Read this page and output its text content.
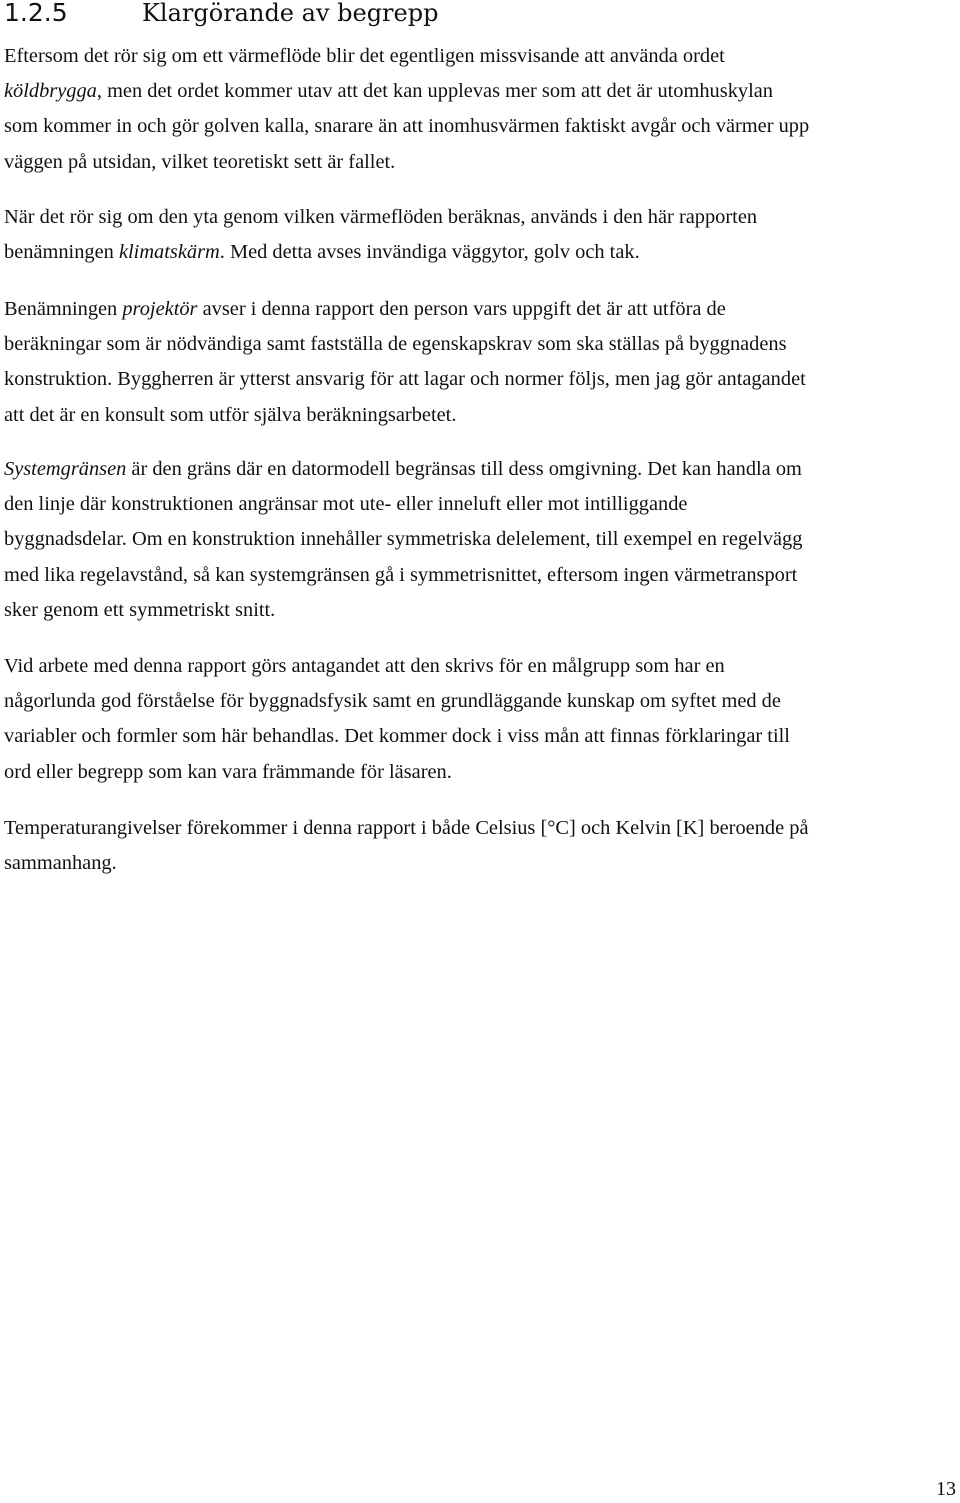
1.2.5	Klargörande av begrepp

Eftersom det rör sig om ett värmeflöde blir det egentligen missvisande att använda ordet
köldbrygga, men det ordet kommer utav att det kan upplevas mer som att det är utomhuskylan
som kommer in och gör golven kalla, snarare än att inomhusvärmen faktiskt avgår och värmer upp
väggen på utsidan, vilket teoretiskt sett är fallet.

När det rör sig om den yta genom vilken värmeflöden beräknas, används i den här rapporten
benämningen klimatskärm. Med detta avses invändiga väggytor, golv och tak.

Benämningen projektör avser i denna rapport den person vars uppgift det är att utföra de
beräkningar som är nödvändiga samt fastställa de egenskapskrav som ska ställas på byggnadens
konstruktion. Byggherren är ytterst ansvarig för att lagar och normer följs, men jag gör antagandet
att det är en konsult som utför själva beräkningsarbetet.

Systemgränsen är den gräns där en datormodell begränsas till dess omgivning. Det kan handla om
den linje där konstruktionen angränsar mot ute- eller inneluft eller mot intilliggande
byggnadsdelar. Om en konstruktion innehåller symmetriska delelement, till exempel en regelvägg
med lika regelavstånd, så kan systemgränsen gå i symmetrisnittet, eftersom ingen värmetransport
sker genom ett symmetriskt snitt.

Vid arbete med denna rapport görs antagandet att den skrivs för en målgrupp som har en
någorlunda god förståelse för byggnadsfysik samt en grundläggande kunskap om syftet med de
variabler och formler som här behandlas. Det kommer dock i viss mån att finnas förklaringar till
ord eller begrepp som kan vara främmande för läsaren.

Temperaturangivelser förekommer i denna rapport i både Celsius [°C] och Kelvin [K] beroende på
sammanhang.

13
